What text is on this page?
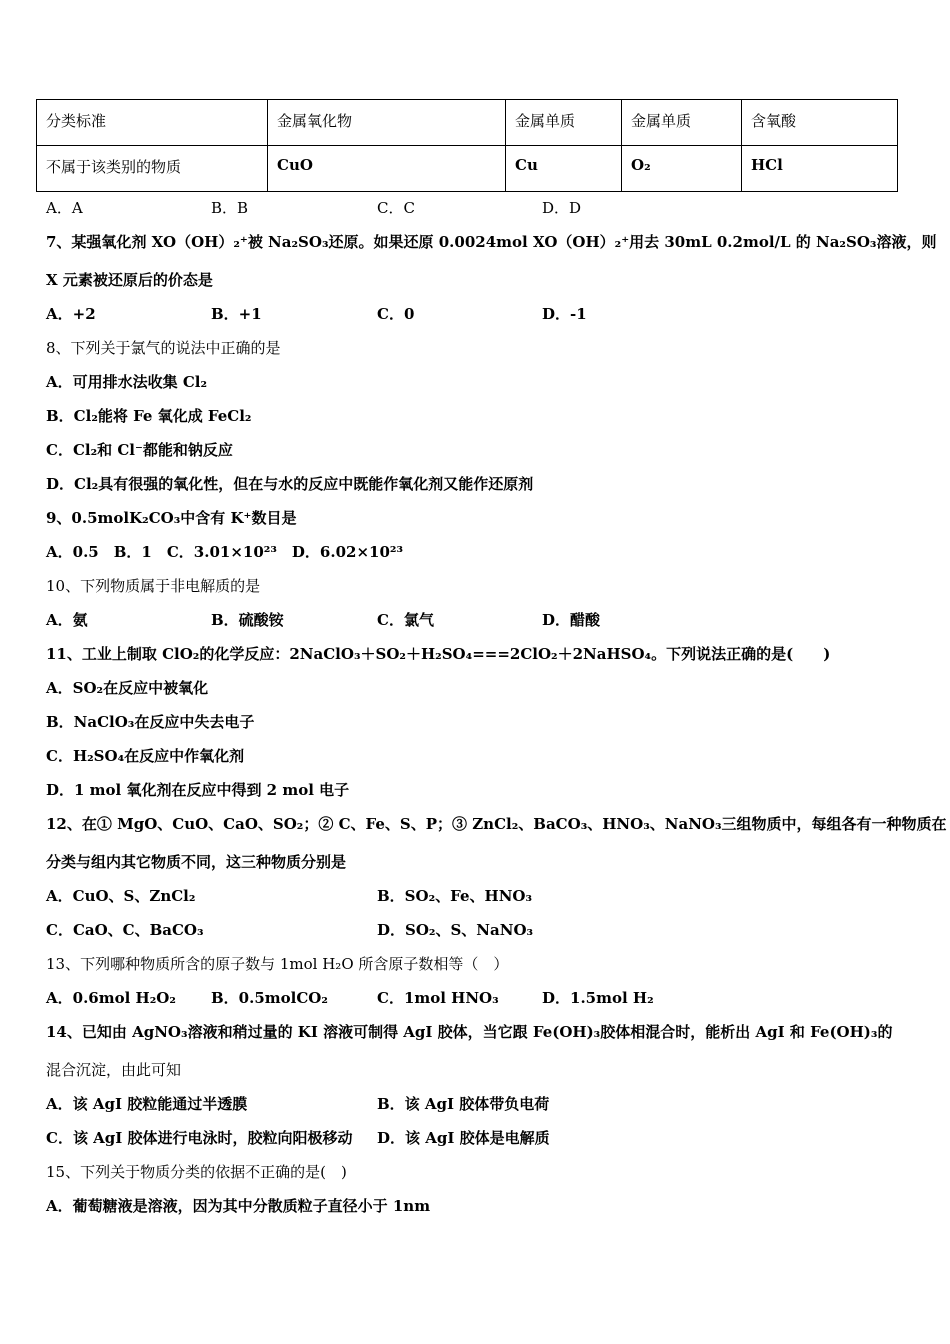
分类标准	金属氧化物	金属单质	金属单质	含氧酸
不属于该类别的物质	CuO	Cu	O₂	HCl
A．A	B．B	C．C	D．D
7、某强氧化剂 XO（OH）₂⁺被 Na₂SO₃还原。如果还原 0.0024mol XO（OH）₂⁺用去 30mL 0.2mol/L 的 Na₂SO₃溶液，则
X 元素被还原后的价态是
A．+2	B．+1	C．0	D．-1
8、下列关于氯气的说法中正确的是
A．可用排水法收集 Cl₂
B．Cl₂能将 Fe 氧化成 FeCl₂
C．Cl₂和 Cl⁻都能和钠反应
D．Cl₂具有很强的氧化性，但在与水的反应中既能作氧化剂又能作还原剂
9、0.5molK₂CO₃中含有 K⁺数目是
A．0.5　B．1　C．3.01×10²³　D．6.02×10²³
10、下列物质属于非电解质的是
A．氨	B．硫酸铵	C．氯气	D．醋酸
11、工业上制取 ClO₂的化学反应：2NaClO₃＋SO₂＋H₂SO₄===2ClO₂＋2NaHSO₄。下列说法正确的是(　　)
A．SO₂在反应中被氧化
B．NaClO₃在反应中失去电子
C．H₂SO₄在反应中作氧化剂
D．1 mol 氧化剂在反应中得到 2 mol 电子
12、在① MgO、CuO、CaO、SO₂；② C、Fe、S、P；③ ZnCl₂、BaCO₃、HNO₃、NaNO₃三组物质中，每组各有一种物质在
分类与组内其它物质不同，这三种物质分别是
A．CuO、S、ZnCl₂	B．SO₂、Fe、HNO₃
C．CaO、C、BaCO₃	D．SO₂、S、NaNO₃
13、下列哪种物质所含的原子数与 1mol H₂O 所含原子数相等（　）
A．0.6mol H₂O₂ B．0.5molCO₂	C．1mol HNO₃	D．1.5mol H₂
14、已知由 AgNO₃溶液和稍过量的 KI 溶液可制得 AgI 胶体，当它跟 Fe(OH)₃胶体相混合时，能析出 AgI 和 Fe(OH)₃的
混合沉淀，由此可知
A．该 AgI 胶粒能通过半透膜	B．该 AgI 胶体带负电荷
C．该 AgI 胶体进行电泳时，胶粒向阳极移动 D．该 AgI 胶体是电解质
15、下列关于物质分类的依据不正确的是(　)
A．葡萄糖液是溶液，因为其中分散质粒子直径小于 1nm
